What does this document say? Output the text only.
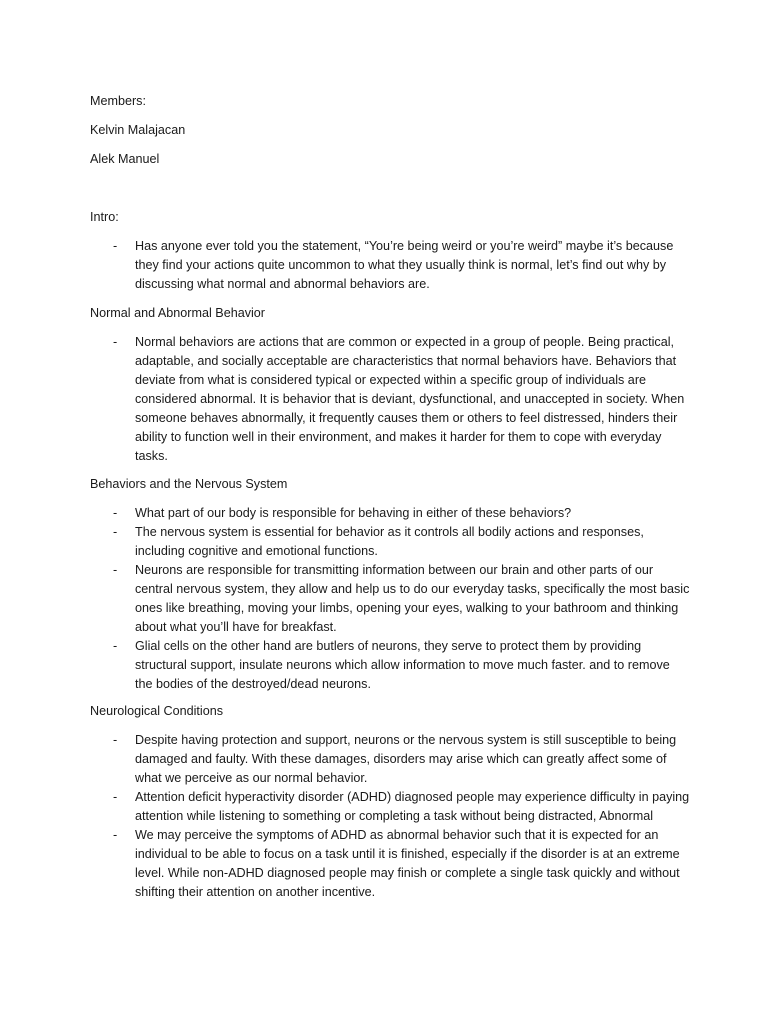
Members:

Kelvin Malajacan

Alek Manuel

Intro:

- Has anyone ever told you the statement, “You’re being weird or you’re weird” maybe it’s because they find your actions quite uncommon to what they usually think is normal, let’s find out why by discussing what normal and abnormal behaviors are.

Normal and Abnormal Behavior

- Normal behaviors are actions that are common or expected in a group of people. Being practical, adaptable, and socially acceptable are characteristics that normal behaviors have. Behaviors that deviate from what is considered typical or expected within a specific group of individuals are considered abnormal. It is behavior that is deviant, dysfunctional, and unaccepted in society. When someone behaves abnormally, it frequently causes them or others to feel distressed, hinders their ability to function well in their environment, and makes it harder for them to cope with everyday tasks.

Behaviors and the Nervous System

- What part of our body is responsible for behaving in either of these behaviors?
- The nervous system is essential for behavior as it controls all bodily actions and responses, including cognitive and emotional functions.
- Neurons are responsible for transmitting information between our brain and other parts of our central nervous system, they allow and help us to do our everyday tasks, specifically the most basic ones like breathing, moving your limbs, opening your eyes, walking to your bathroom and thinking about what you’ll have for breakfast.
- Glial cells on the other hand are butlers of neurons, they serve to protect them by providing structural support, insulate neurons which allow information to move much faster. and to remove the bodies of the destroyed/dead neurons.

Neurological Conditions

- Despite having protection and support, neurons or the nervous system is still susceptible to being damaged and faulty. With these damages, disorders may arise which can greatly affect some of what we perceive as our normal behavior.
- Attention deficit hyperactivity disorder (ADHD) diagnosed people may experience difficulty in paying attention while listening to something or completing a task without being distracted, Abnormal
- We may perceive the symptoms of ADHD as abnormal behavior such that it is expected for an individual to be able to focus on a task until it is finished, especially if the disorder is at an extreme level. While non-ADHD diagnosed people may finish or complete a single task quickly and without shifting their attention on another incentive.
